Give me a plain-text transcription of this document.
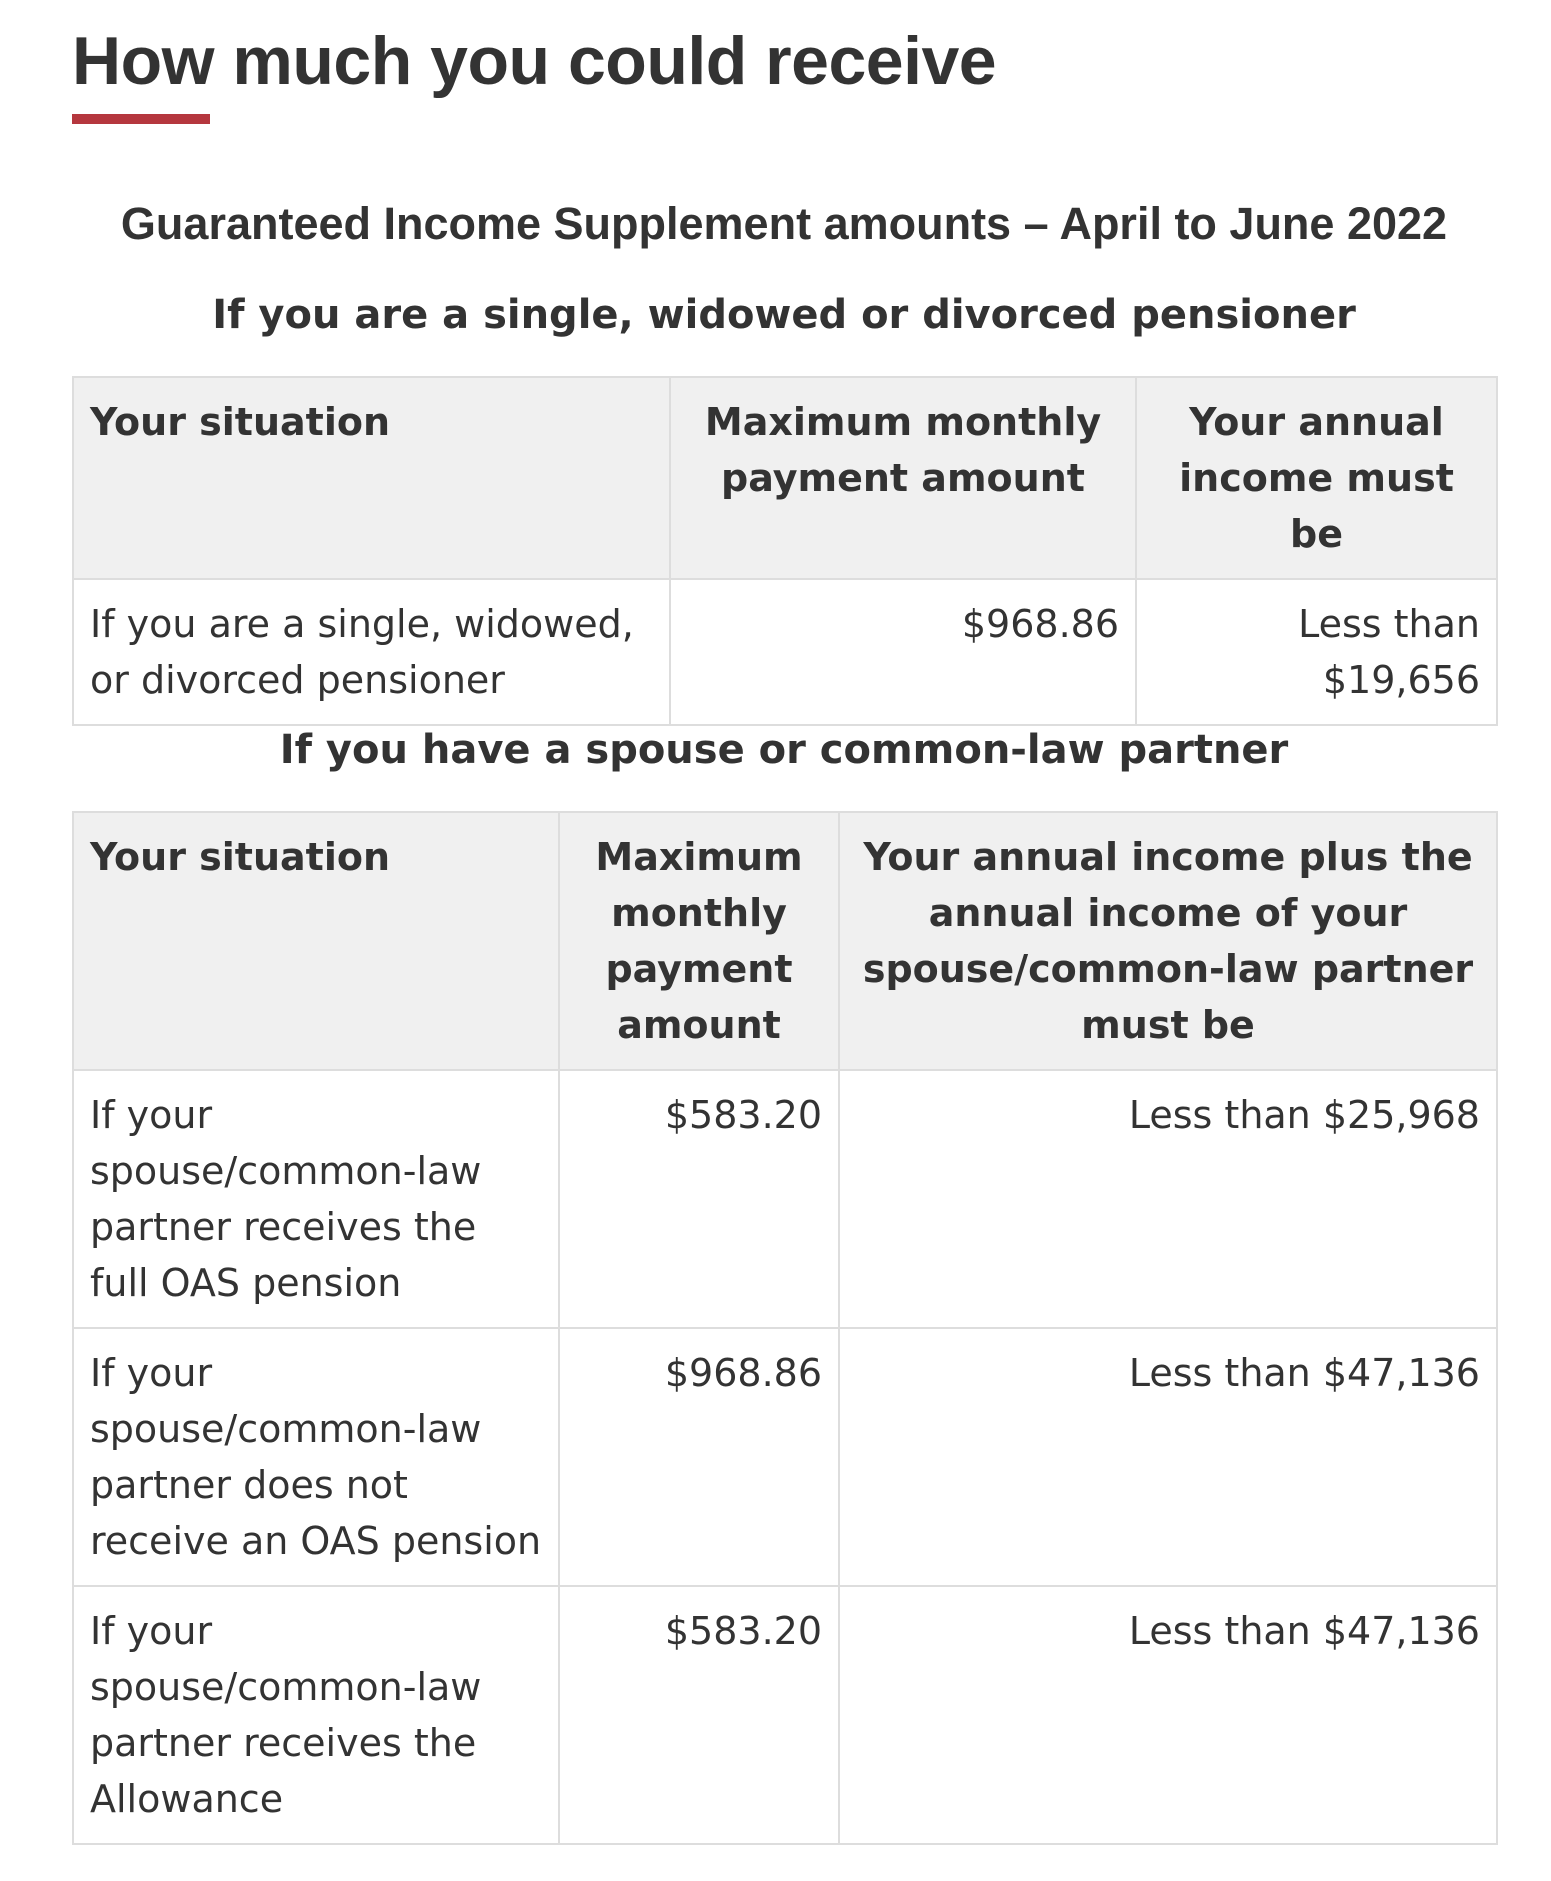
How much you could receive
Guaranteed Income Supplement amounts – April to June 2022
If you are a single, widowed or divorced pensioner
Your situation	Maximum monthly payment amount	Your annual income must be
If you are a single, widowed, or divorced pensioner	$968.86	Less than $19,656
If you have a spouse or common-law partner
Your situation	Maximum monthly payment amount	Your annual income plus the annual income of your spouse/common-law partner must be
If your spouse/common-law partner receives the full OAS pension	$583.20	Less than $25,968
If your spouse/common-law partner does not receive an OAS pension	$968.86	Less than $47,136
If your spouse/common-law partner receives the Allowance	$583.20	Less than $47,136
